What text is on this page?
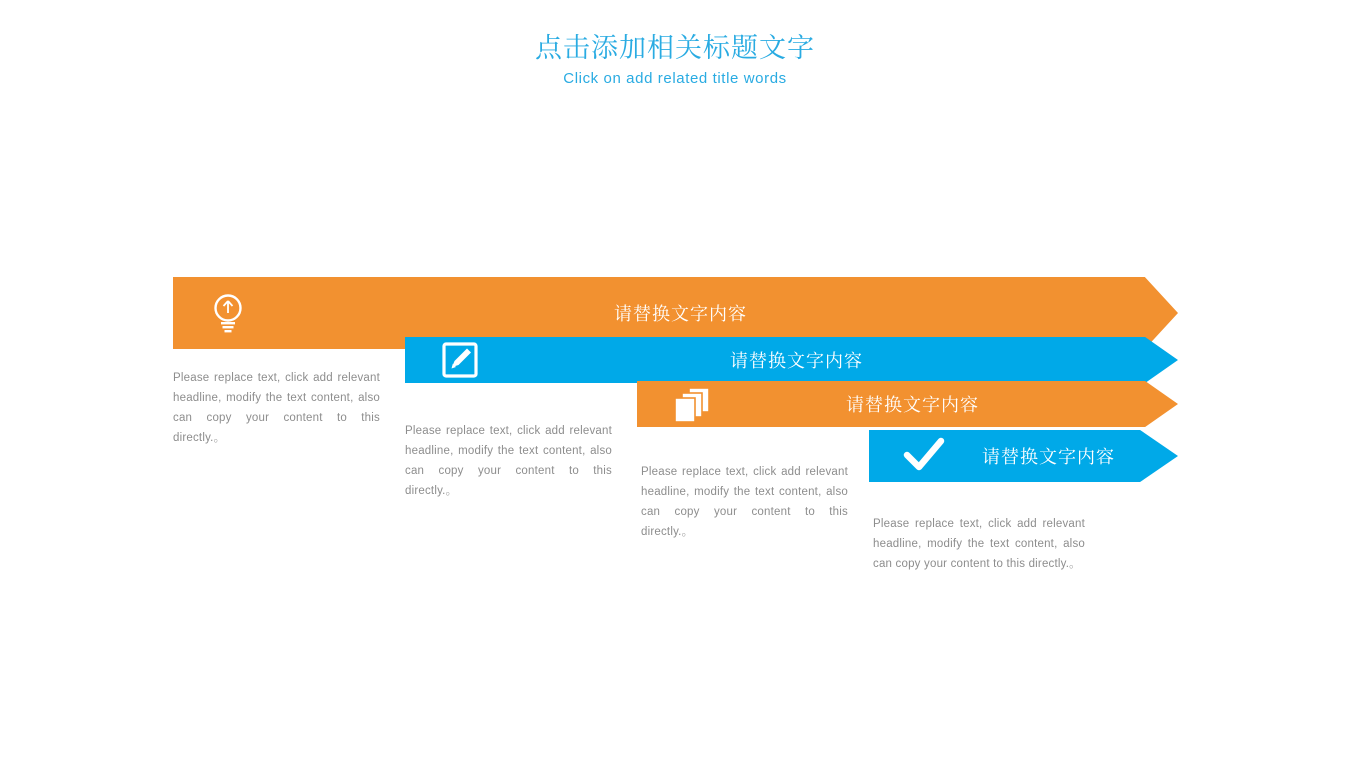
点击添加相关标题文字
Click on add related title words
请替换文字内容
Please replace text, click add relevant headline, modify the text content, also can copy your content to this directly.。
请替换文字内容
Please replace text, click add relevant headline, modify the text content, also can copy your content to this directly.。
请替换文字内容
Please replace text, click add relevant headline, modify the text content, also can copy your content to this directly.。
请替换文字内容
Please replace text, click add relevant headline, modify the text content, also can copy your content to this directly.。
